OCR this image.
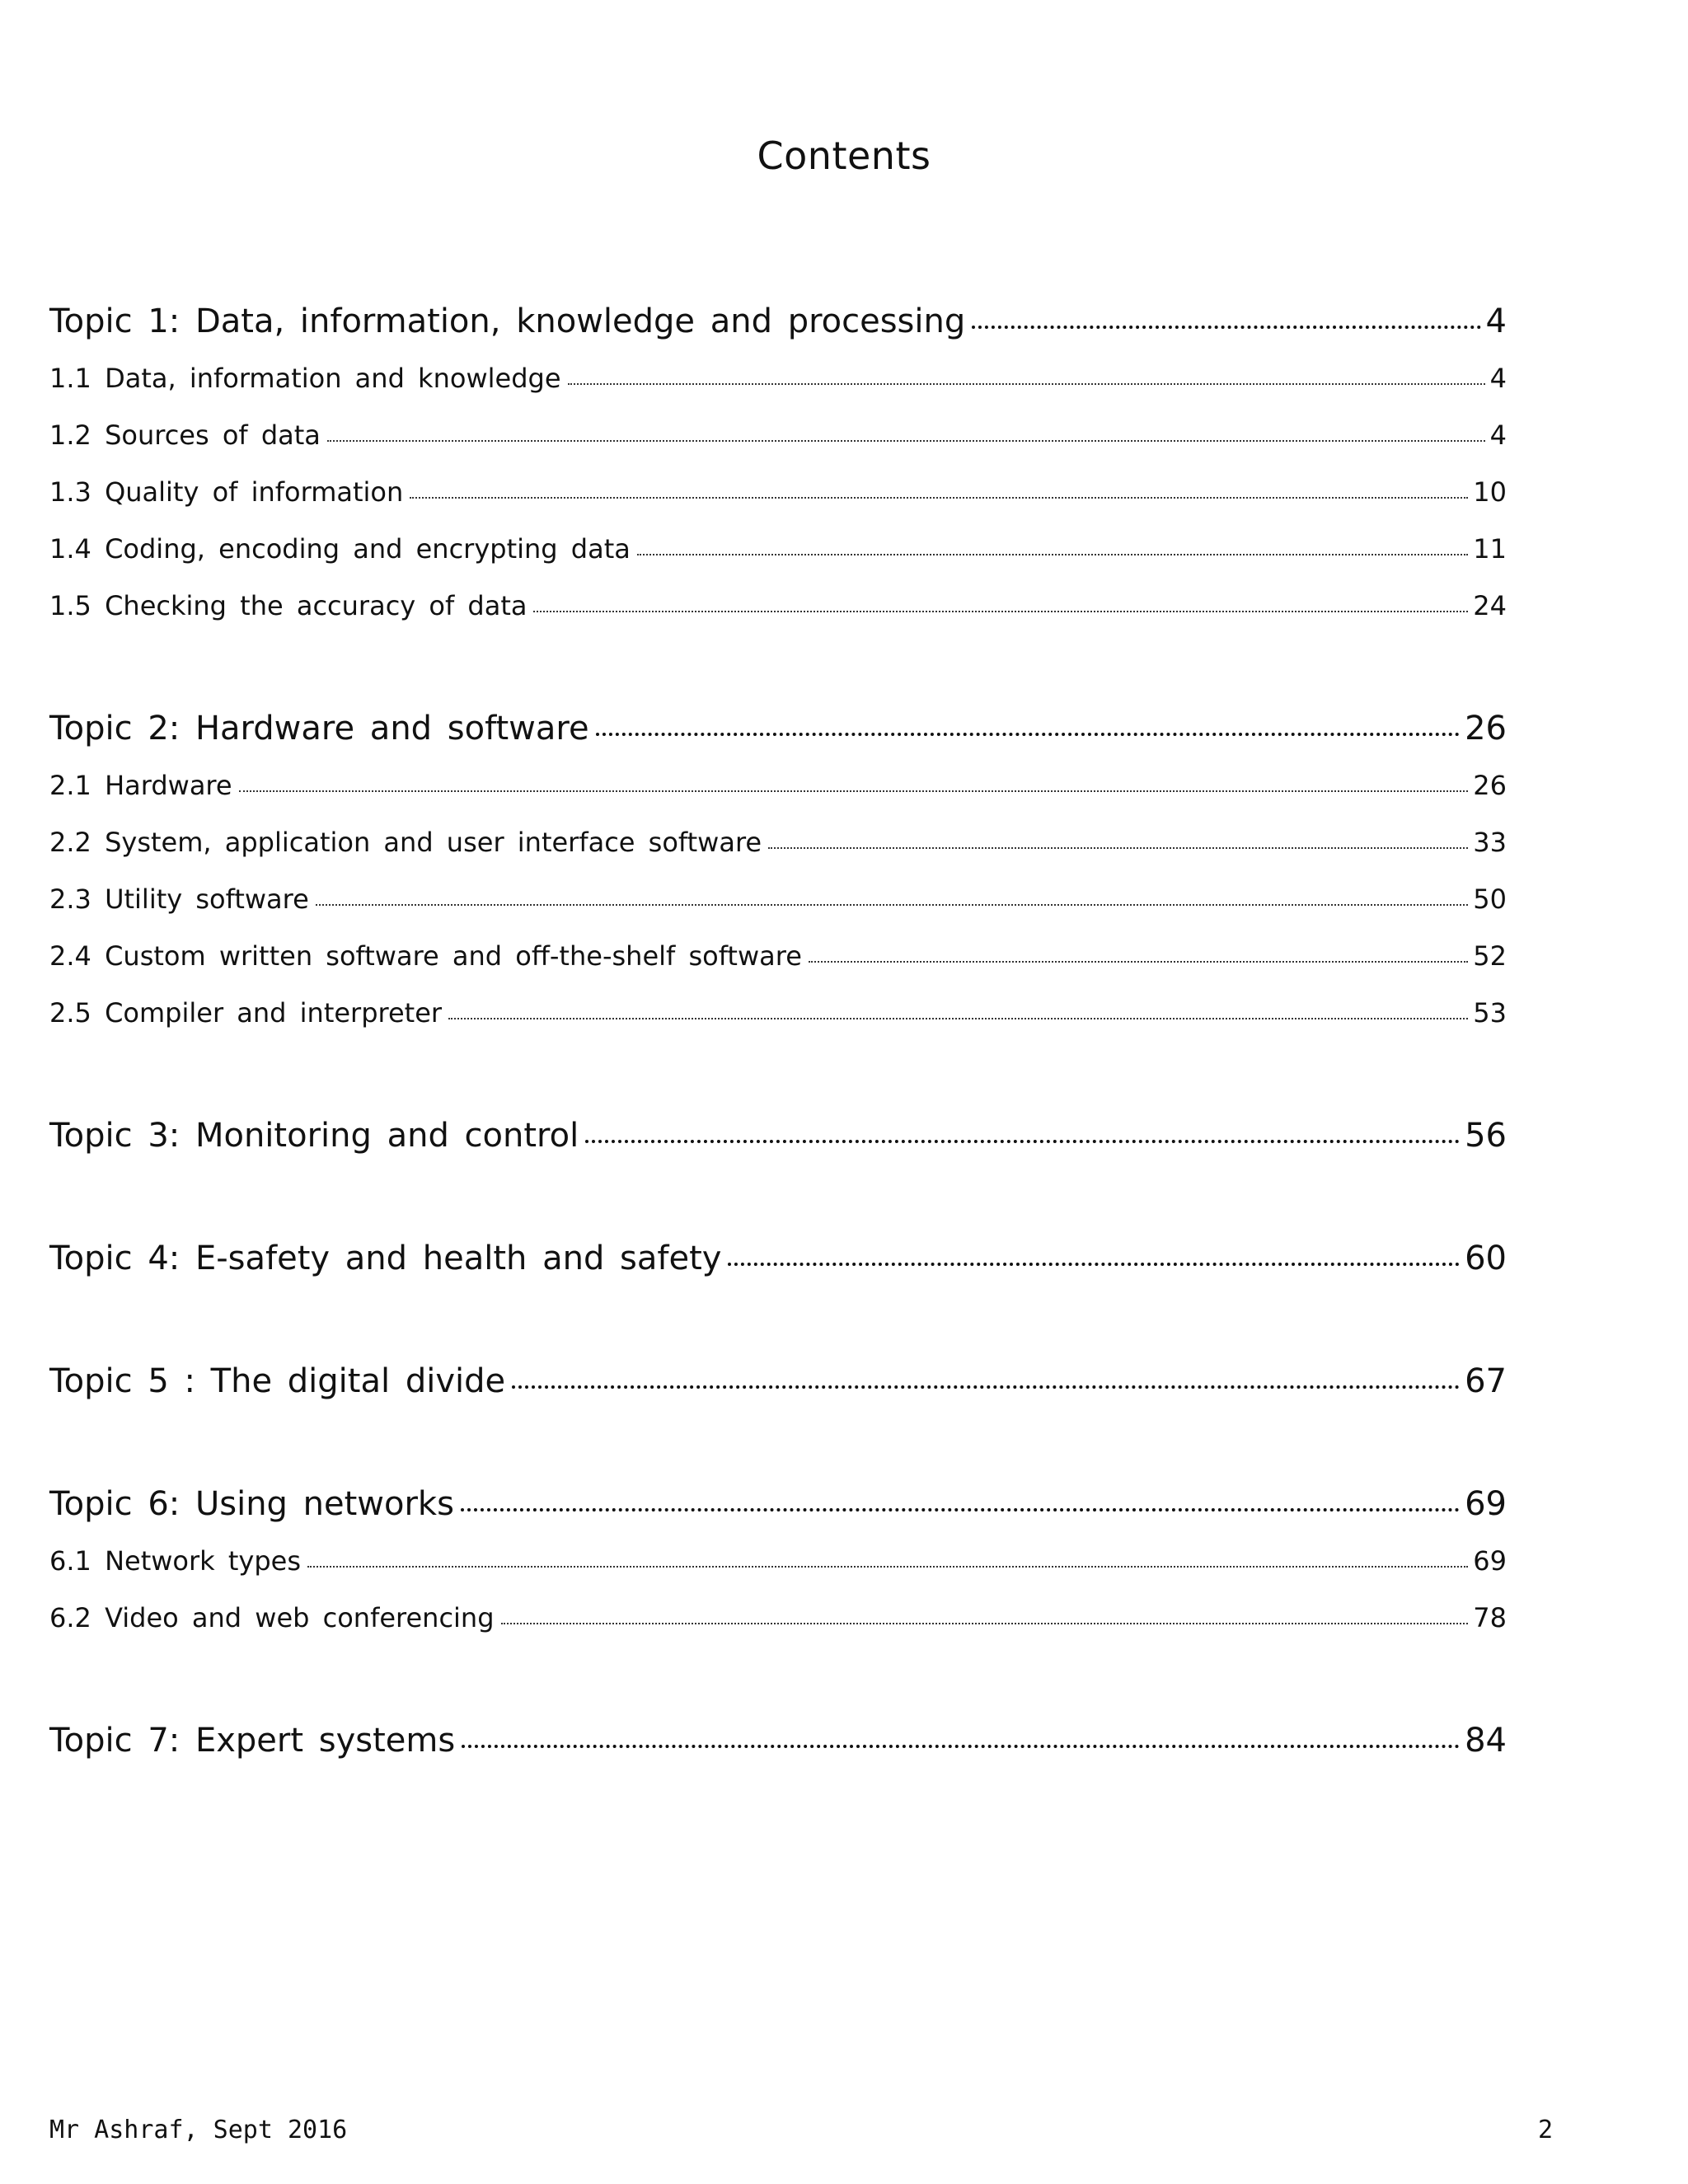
Contents
Topic 1: Data, information, knowledge and processing	4
1.1 Data, information and knowledge	4
1.2 Sources of data	4
1.3 Quality of information	10
1.4 Coding, encoding and encrypting data	11
1.5 Checking the accuracy of data	24
Topic 2: Hardware and software	26
2.1 Hardware	26
2.2 System, application and user interface software	33
2.3 Utility software	50
2.4 Custom written software and off-the-shelf software	52
2.5 Compiler and interpreter	53
Topic 3: Monitoring and control	56
Topic 4: E-safety and health and safety	60
Topic 5 : The digital divide	67
Topic 6: Using networks	69
6.1 Network types	69
6.2 Video and web conferencing	78
Topic 7: Expert systems	84
Mr Ashraf, Sept 2016	2
